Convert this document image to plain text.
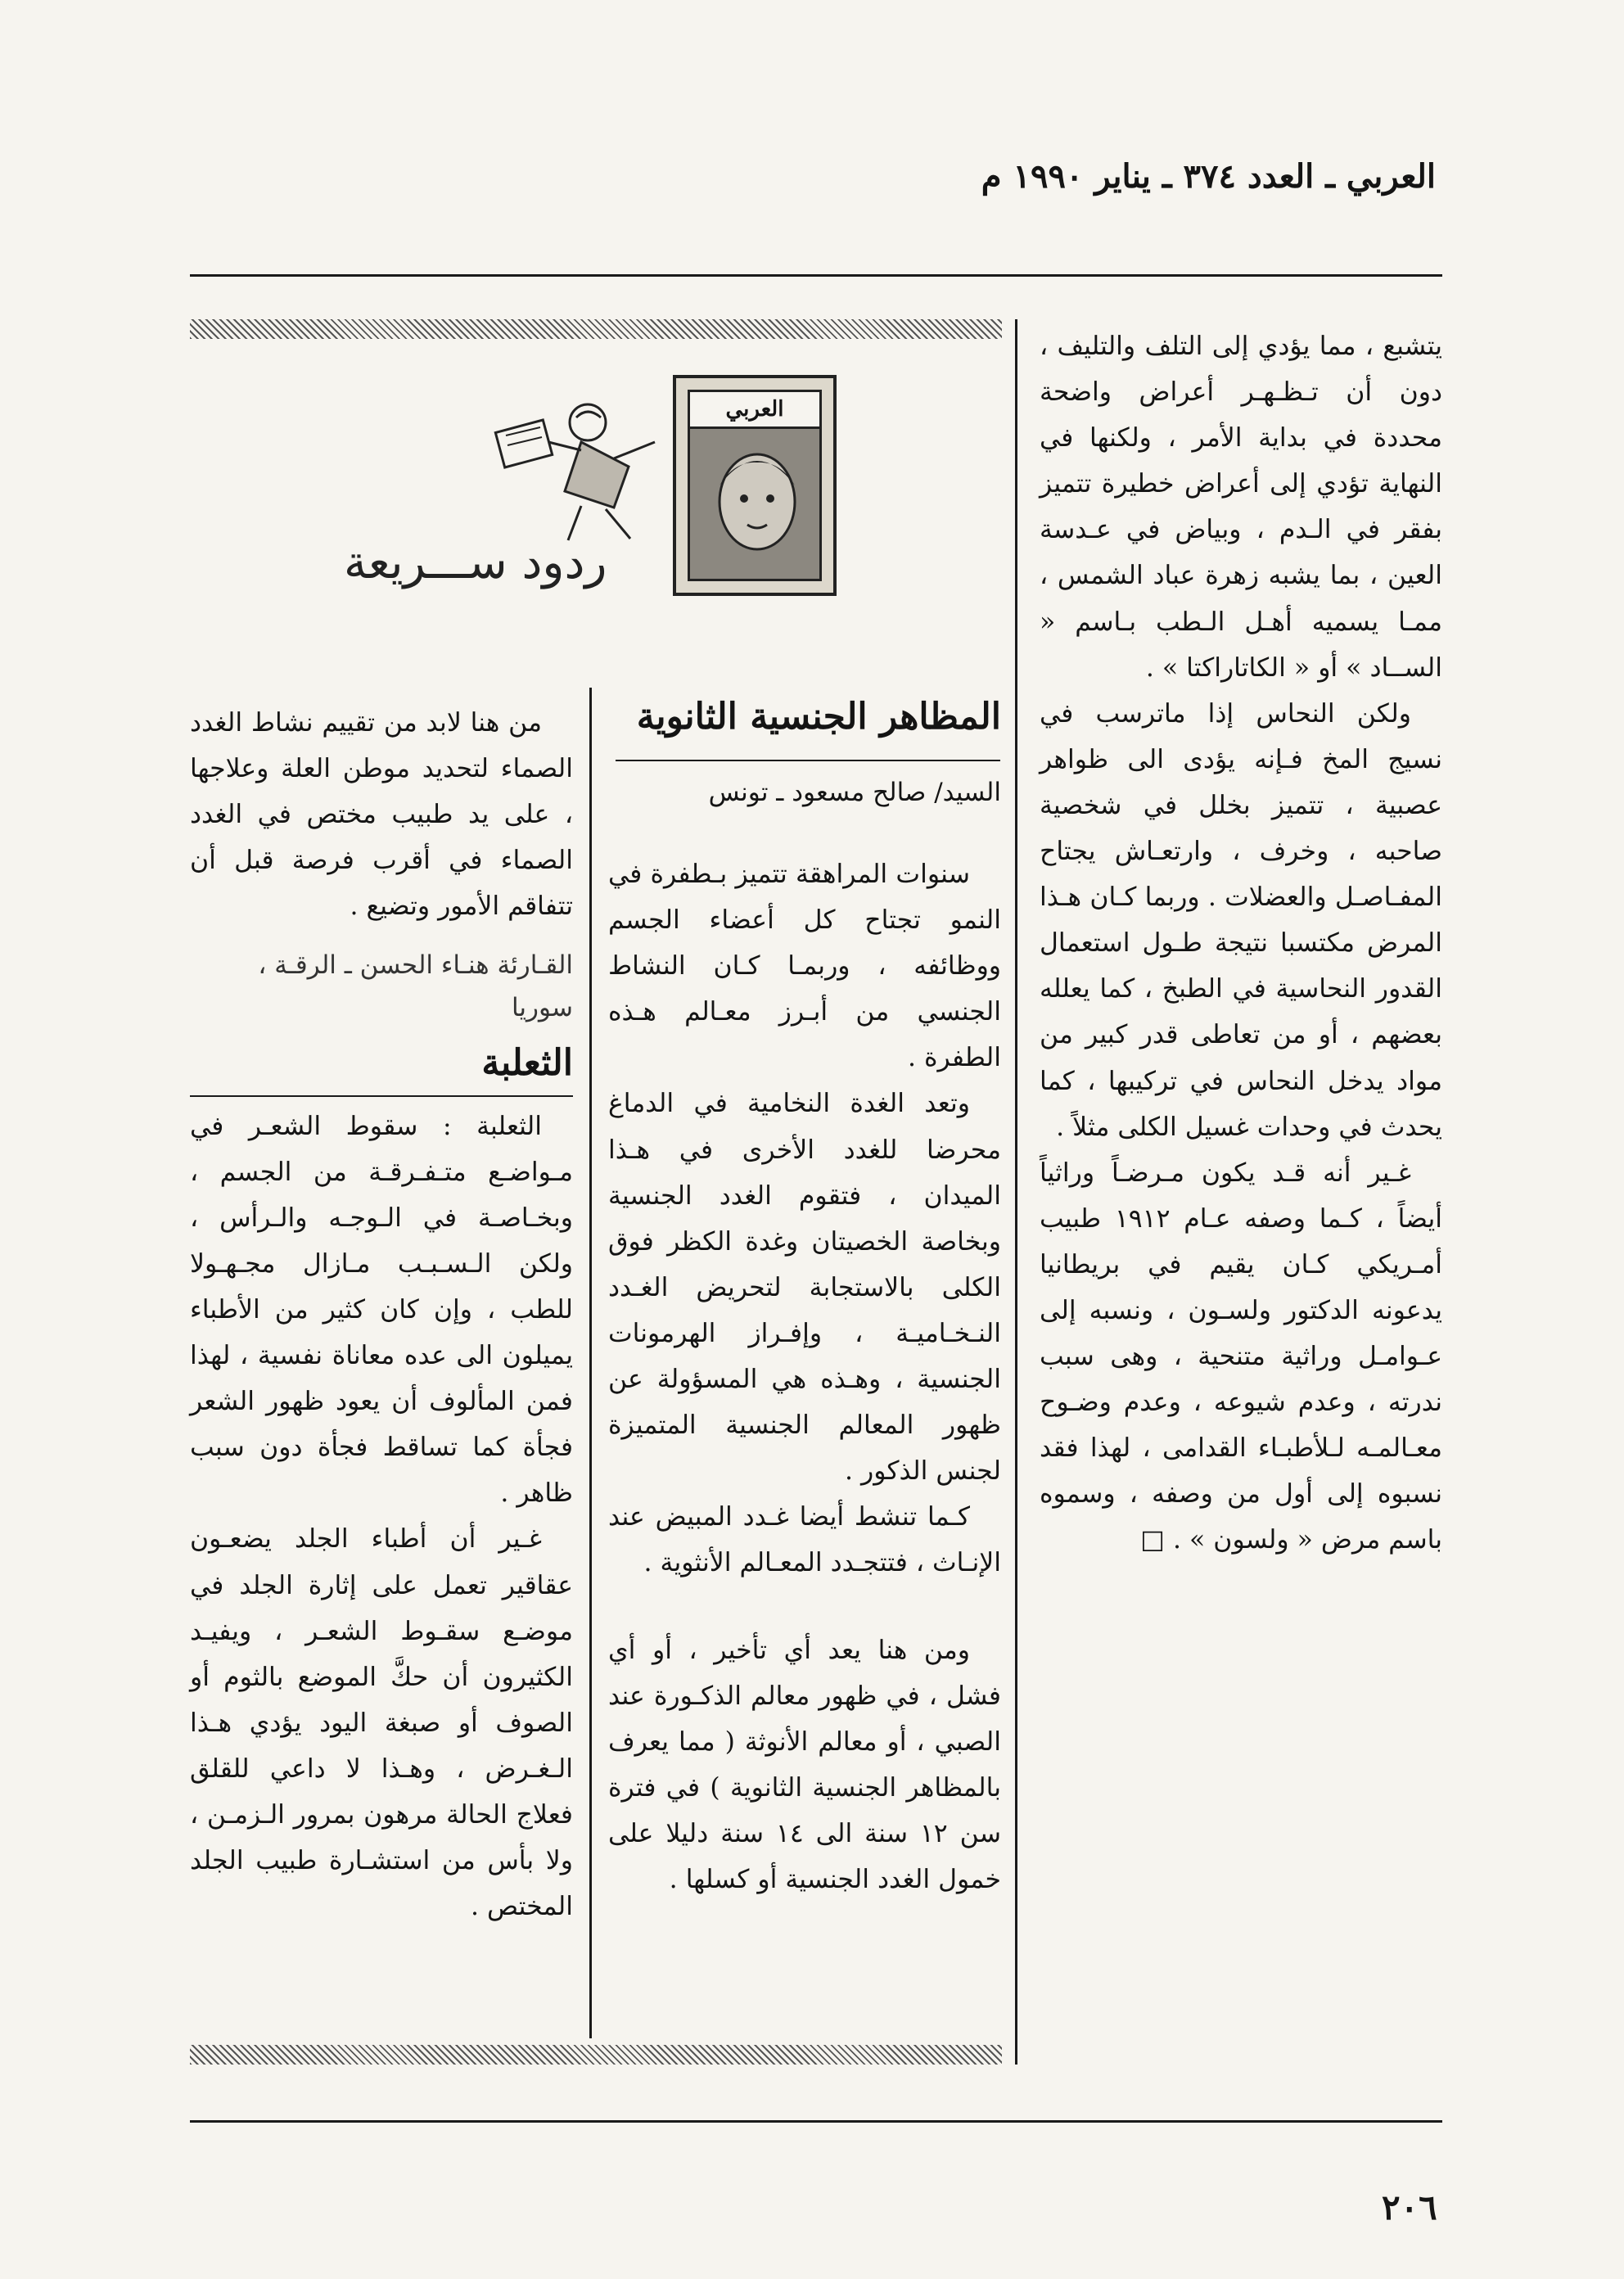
العربي ـ العدد ٣٧٤ ـ يناير ١٩٩٠ م
العربي
ردود ســـريعة

يتشبع ، مما يؤدي إلى التلف والتليف ، دون أن تـظـهـر أعراض واضحة محددة في بداية الأمر ، ولكنها في النهاية تؤدي إلى أعراض خطيرة تتميز بفقر في الـدم ، وبياض في عـدسة العين ، بما يشبه زهرة عباد الشمس ، ممـا يسميه أهـل الـطب بـاسم « الســاد » أو « الكاتاراكتا » .

ولكن النحاس إذا ماترسب في نسيج المخ فـإنه يؤدى الى ظواهر عصبية ، تتميز بخلل في شخصية صاحبه ، وخرف ، وارتعـاش يجتاح المفـاصـل والعضلات . وربما كـان هـذا المرض مكتسبا نتيجة طـول استعمال القدور النحاسية في الطبخ ، كما يعلله بعضهم ، أو من تعاطى قدر كبير من مواد يدخل النحاس في تركيبها ، كما يحدث في وحدات غسيل الكلى مثلاً .

غـير أنه قـد يكون مـرضـاً وراثياً أيضاً ، كـما وصفه عـام ١٩١٢ طبيب أمـريكي كـان يقيم في بريطانيا يدعونه الدكتور ولسـون ، ونسبه إلى عـوامـل وراثية متنحية ، وهى سبب ندرته ، وعدم شيوعه ، وعدم وضـوح معـالمـه لـلأطبـاء القدامى ، لهذا فقد نسبوه إلى أول من وصفه ، وسموه باسم مرض « ولسون » . □

المظاهر الجنسية الثانوية
السيد/ صالح مسعود ـ تونس

سنوات المراهقة تتميز بـطفرة في النمو تجتاح كل أعضاء الجسم ووظائفه ، وربمـا كـان النشاط الجنسي من أبـرز معـالم هـذه الطفرة .

وتعد الغدة النخامية في الدماغ محرضا للغدد الأخرى في هـذا الميدان ، فتقوم الغدد الجنسية وبخاصة الخصيتان وغدة الكظر فوق الكلى بالاستجابة لتحريض الغـدد النـخـاميـة ، وإفـراز الهرمونات الجنسية ، وهـذه هي المسؤولة عن ظهور المعالم الجنسية المتميزة لجنس الذكور .

كـما تنشط أيضا غـدد المبيض عند الإنـاث ، فتتجـدد المعـالم الأنثوية .

ومن هنا يعد أي تأخير ، أو أي فشل ، في ظهور معالم الذكـورة عند الصبي ، أو معالم الأنوثة ( مما يعرف بالمظاهر الجنسية الثانوية ) في فترة سن ١٢ سنة الى ١٤ سنة دليلا على خمول الغدد الجنسية أو كسلها .

من هنا لابد من تقييم نشاط الغدد الصماء لتحديد موطن العلة وعلاجها ، على يد طبيب مختص في الغدد الصماء في أقرب فرصة قبل أن تتفاقم الأمور وتضيع .

القـارئة هنـاء الحسن ـ الرقـة ، سوريا
الثعلبة

الثعلبة : سقوط الشعـر في مـواضـع متـفـرقـة من الجسم ، وبخـاصـة في الـوجـه والـرأس ، ولكن الـسـبـب مـازال مجـهـولا للطب ، وإن كان كثير من الأطباء يميلون الى عده معاناة نفسية ، لهذا فمن المألوف أن يعود ظهور الشعر فجأة كما تساقط فجأة دون سبب ظاهر .

غـير أن أطباء الجلد يضعـون عقاقير تعمل على إثارة الجلد في موضـع سقـوط الشعـر ، ويفيـد الكثيرون أن حكَّ الموضع بالثوم أو الصوف أو صبغة اليود يؤدي هـذا الـغـرض ، وهـذا لا داعي للقلق فعلاج الحالة مرهون بمرور الـزمـن ، ولا بأس من استشـارة طبيب الجلد المختص .

٢٠٦
